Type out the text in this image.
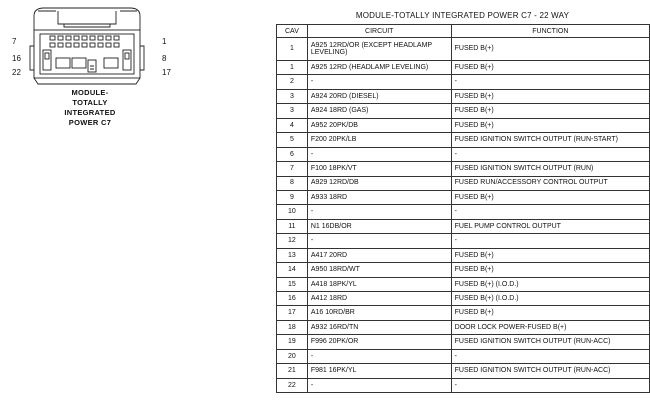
7	1
16	8
22	17
MODULE-
TOTALLY
INTEGRATED
POWER C7
MODULE-TOTALLY INTEGRATED POWER C7 - 22 WAY
CAV	CIRCUIT	FUNCTION
1	A925 12RD/OR (EXCEPT HEADLAMP LEVELING)	FUSED B(+)
1	A925 12RD (HEADLAMP LEVELING)	FUSED B(+)
2	-	-
3	A924 20RD (DIESEL)	FUSED B(+)
3	A924 18RD (GAS)	FUSED B(+)
4	A952 20PK/DB	FUSED B(+)
5	F200 20PK/LB	FUSED IGNITION SWITCH OUTPUT (RUN-START)
6	-	-
7	F100 18PK/VT	FUSED IGNITION SWITCH OUTPUT (RUN)
8	A929 12RD/DB	FUSED RUN/ACCESSORY CONTROL OUTPUT
9	A933 18RD	FUSED B(+)
10	-	-
11	N1 16DB/OR	FUEL PUMP CONTROL OUTPUT
12	-	-
13	A417 20RD	FUSED B(+)
14	A950 18RD/WT	FUSED B(+)
15	A418 18PK/YL	FUSED B(+) (I.O.D.)
16	A412 18RD	FUSED B(+) (I.O.D.)
17	A16 10RD/BR	FUSED B(+)
18	A932 16RD/TN	DOOR LOCK POWER-FUSED B(+)
19	F996 20PK/OR	FUSED IGNITION SWITCH OUTPUT (RUN-ACC)
20	-	-
21	F981 16PK/YL	FUSED IGNITION SWITCH OUTPUT (RUN-ACC)
22	-	-
